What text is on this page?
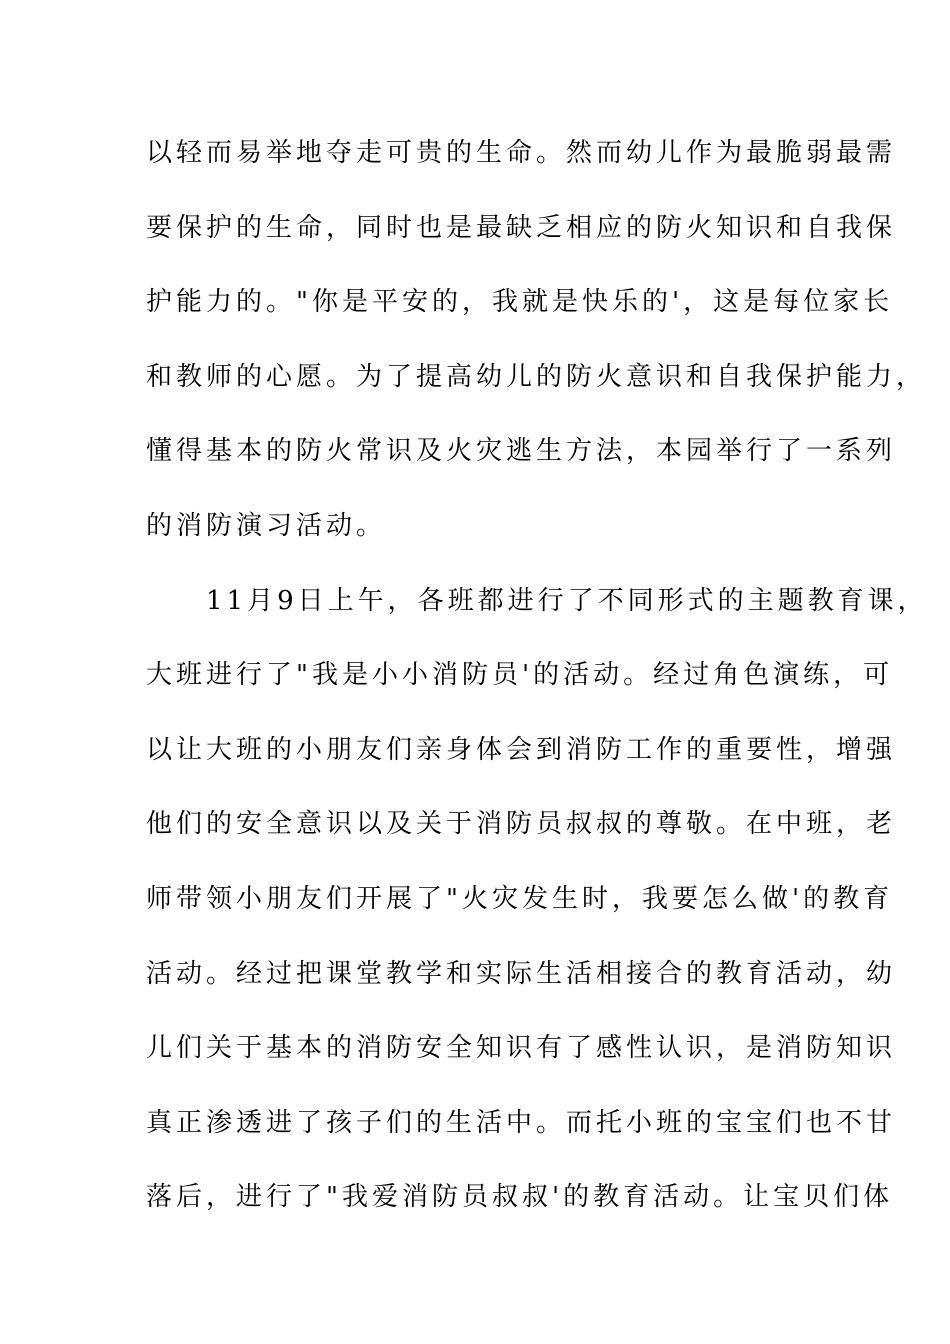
以轻而易举地夺走可贵的生命。然而幼儿作为最脆弱最需
要保护的生命，同时也是最缺乏相应的防火知识和自我保
护能力的。"你是平安的，我就是快乐的'，这是每位家长
和教师的心愿。为了提高幼儿的防火意识和自我保护能力，
懂得基本的防火常识及火灾逃生方法，本园举行了一系列
的消防演习活动。
　　11月9日上午，各班都进行了不同形式的主题教育课，
大班进行了"我是小小消防员'的活动。经过角色演练，可
以让大班的小朋友们亲身体会到消防工作的重要性，增强
他们的安全意识以及关于消防员叔叔的尊敬。在中班，老
师带领小朋友们开展了"火灾发生时，我要怎么做'的教育
活动。经过把课堂教学和实际生活相接合的教育活动，幼
儿们关于基本的消防安全知识有了感性认识，是消防知识
真正渗透进了孩子们的生活中。而托小班的宝宝们也不甘
落后，进行了"我爱消防员叔叔'的教育活动。让宝贝们体
